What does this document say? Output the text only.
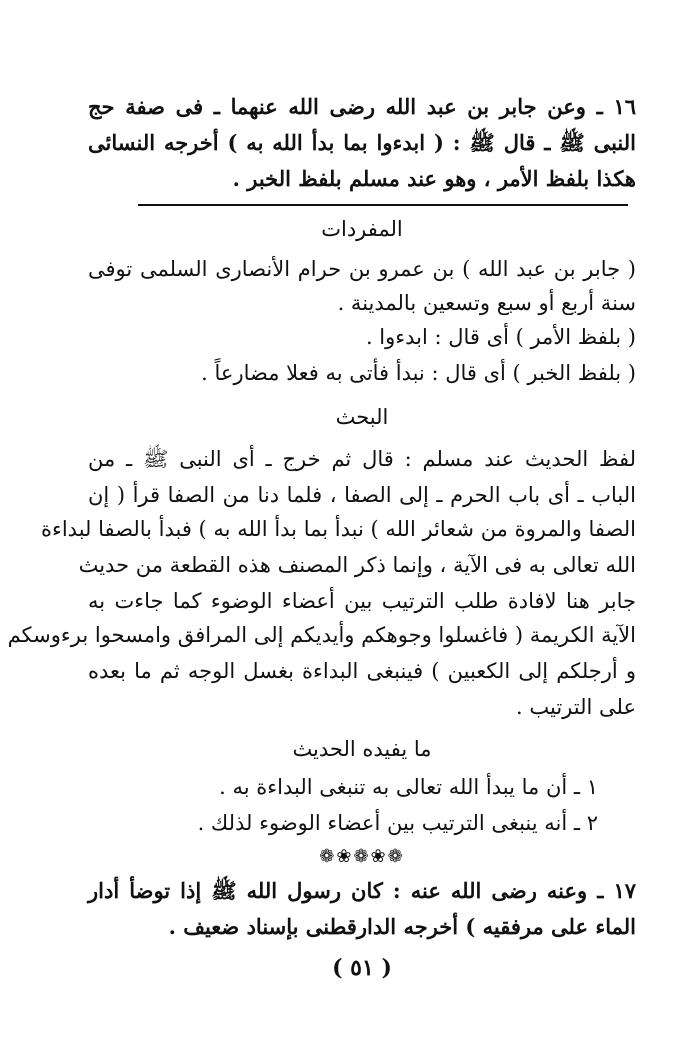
١٦ ـ وعن جابر بن عبد الله رضى الله عنهما ـ فى صفة حج
النبى ﷺ ـ قال ﷺ : ( ابدءوا بما بدأ الله به ) أخرجه النسائى
هكذا بلفظ الأمر ، وهو عند مسلم بلفظ الخبر .
المفردات
( جابر بن عبد الله ) بن عمرو بن حرام الأنصارى السلمى توفى
سنة أربع أو سبع وتسعين بالمدينة .
( بلفظ الأمر ) أى قال : ابدءوا .
( بلفظ الخبر ) أى قال : نبدأ فأتى به فعلا مضارعاً .
البحث
لفظ الحديث عند مسلم : قال ثم خرج ـ أى النبى ﷺ ـ من
الباب ـ أى باب الحرم ـ إلى الصفا ، فلما دنا من الصفا قرأ ( إن
الصفا والمروة من شعائر الله ) نبدأ بما بدأ الله به ) فبدأ بالصفا لبداءة
الله تعالى به فى الآية ، وإنما ذكر المصنف هذه القطعة من حديث
جابر هنا لافادة طلب الترتيب بين أعضاء الوضوء كما جاءت به
الآية الكريمة ( فاغسلوا وجوهكم وأيديكم إلى المرافق وامسحوا برءوسكم
و أرجلكم إلى الكعبين ) فينبغى البداءة بغسل الوجه ثم ما بعده
على الترتيب .
ما يفيده الحديث
١ ـ أن ما يبدأ الله تعالى به تنبغى البداءة به .
٢ ـ أنه ينبغى الترتيب بين أعضاء الوضوء لذلك .
❁❀❁❀❁
١٧ ـ وعنه رضى الله عنه : كان رسول الله ﷺ إذا توضأ أدار
الماء على مرفقيه ) أخرجه الدارقطنى بإسناد ضعيف .
( ٥١ )
